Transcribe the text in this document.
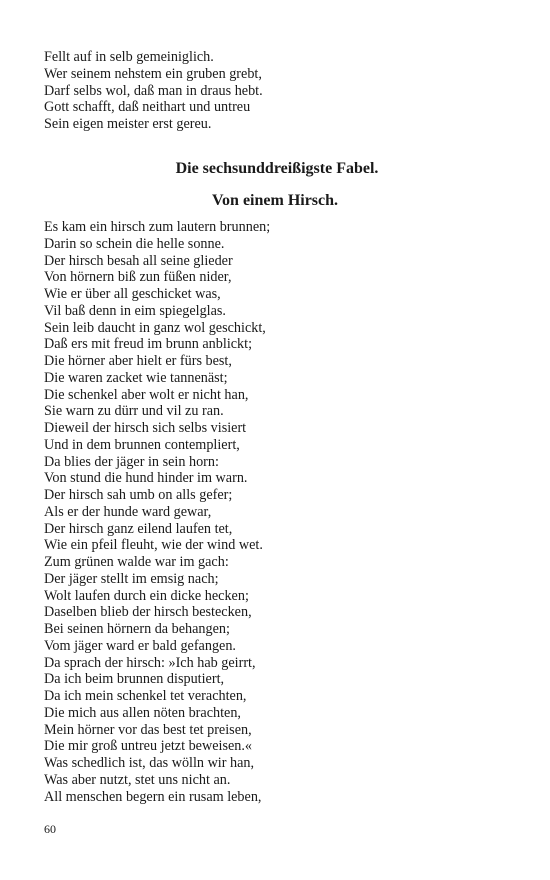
Fellt auf in selb gemeiniglich.
Wer seinem nehstem ein gruben grebt,
Darf selbs wol, daß man in draus hebt.
Gott schafft, daß neithart und untreu
Sein eigen meister erst gereu.
Die sechsunddreißigste Fabel.
Von einem Hirsch.
Es kam ein hirsch zum lautern brunnen;
Darin so schein die helle sonne.
Der hirsch besah all seine glieder
Von hörnern biß zun füßen nider,
Wie er über all geschicket was,
Vil baß denn in eim spiegelglas.
Sein leib daucht in ganz wol geschickt,
Daß ers mit freud im brunn anblickt;
Die hörner aber hielt er fürs best,
Die waren zacket wie tannenäst;
Die schenkel aber wolt er nicht han,
Sie warn zu dürr und vil zu ran.
Dieweil der hirsch sich selbs visiert
Und in dem brunnen contempliert,
Da blies der jäger in sein horn:
Von stund die hund hinder im warn.
Der hirsch sah umb on alls gefer;
Als er der hunde ward gewar,
Der hirsch ganz eilend laufen tet,
Wie ein pfeil fleuht, wie der wind wet.
Zum grünen walde war im gach:
Der jäger stellt im emsig nach;
Wolt laufen durch ein dicke hecken;
Daselben blieb der hirsch bestecken,
Bei seinen hörnern da behangen;
Vom jäger ward er bald gefangen.
Da sprach der hirsch: »Ich hab geirrt,
Da ich beim brunnen disputiert,
Da ich mein schenkel tet verachten,
Die mich aus allen nöten brachten,
Mein hörner vor das best tet preisen,
Die mir groß untreu jetzt beweisen.«
Was schedlich ist, das wölln wir han,
Was aber nutzt, stet uns nicht an.
All menschen begern ein rusam leben,
60
